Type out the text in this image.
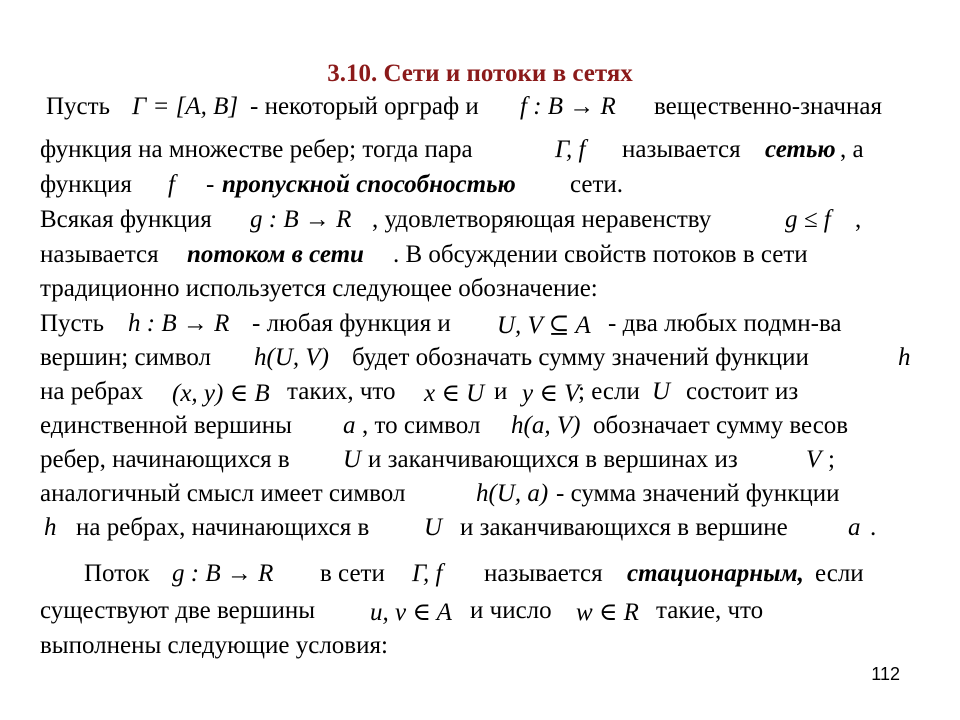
3.10. Сети и потоки в сетях
Пусть Γ = [A, B] - некоторый орграф и f : B → R вещественно-значная
функция на множестве ребер; тогда пара	Γ, f называется сетью , а
функция f - пропускной способностью сети.
Всякая функция g : B → R , удовлетворяющая неравенству	g ≤ f ,
называется потоком в сети . В обсуждении свойств потоков в сети
традиционно используется следующее обозначение:
Пусть h : B → R - любая функция и U, V ⊆ A - два любых подмн-ва
вершин; символ h(U, V) будет обозначать сумму значений функции	h
на ребрах (x, y) ∈ B таких, что x ∈ U и y ∈ V
; если U состоит из
единственной вершины a , то символ h(a, V) обозначает сумму весов
ребер, начинающихся в U и заканчивающихся в вершинах из	V ;
аналогичный смысл имеет символ	h(U, a) - сумма значений функции
h на ребрах, начинающихся в U и заканчивающихся в вершине a .
Поток g : B → R в сети Γ, f называется стационарным, если
существуют две вершины u, v ∈ A и число w ∈ R такие, что
выполнены следующие условия:
112
